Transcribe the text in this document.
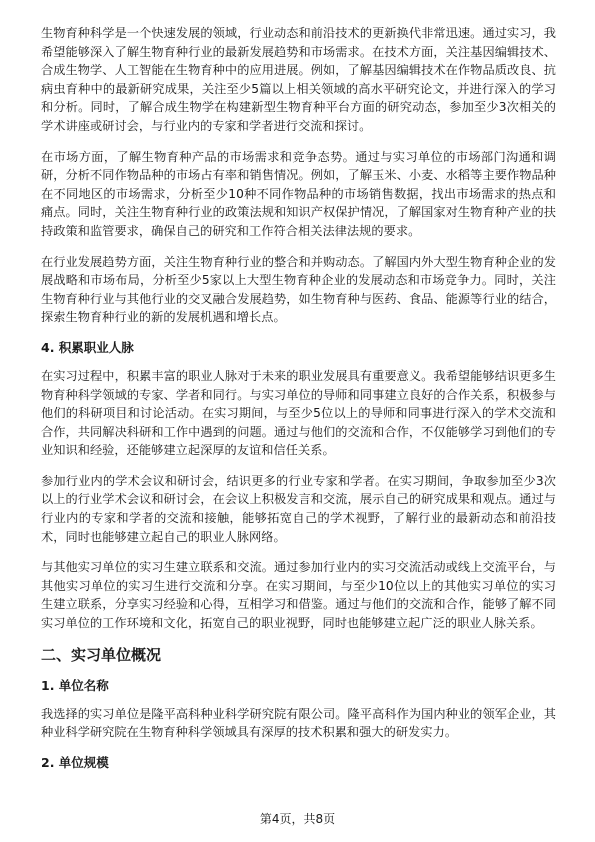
生物育种科学是一个快速发展的领域，行业动态和前沿技术的更新换代非常迅速。通过实习，我希望能够深入了解生物育种行业的最新发展趋势和市场需求。在技术方面，关注基因编辑技术、合成生物学、人工智能在生物育种中的应用进展。例如，了解基因编辑技术在作物品质改良、抗病虫育种中的最新研究成果，关注至少5篇以上相关领域的高水平研究论文，并进行深入的学习和分析。同时，了解合成生物学在构建新型生物育种平台方面的研究动态，参加至少3次相关的学术讲座或研讨会，与行业内的专家和学者进行交流和探讨。

在市场方面，了解生物育种产品的市场需求和竞争态势。通过与实习单位的市场部门沟通和调研，分析不同作物品种的市场占有率和销售情况。例如，了解玉米、小麦、水稻等主要作物品种在不同地区的市场需求，分析至少10种不同作物品种的市场销售数据，找出市场需求的热点和痛点。同时，关注生物育种行业的政策法规和知识产权保护情况，了解国家对生物育种产业的扶持政策和监管要求，确保自己的研究和工作符合相关法律法规的要求。

在行业发展趋势方面，关注生物育种行业的整合和并购动态。了解国内外大型生物育种企业的发展战略和市场布局，分析至少5家以上大型生物育种企业的发展动态和市场竞争力。同时，关注生物育种行业与其他行业的交叉融合发展趋势，如生物育种与医药、食品、能源等行业的结合，探索生物育种行业的新的发展机遇和增长点。

4. 积累职业人脉

在实习过程中，积累丰富的职业人脉对于未来的职业发展具有重要意义。我希望能够结识更多生物育种科学领域的专家、学者和同行。与实习单位的导师和同事建立良好的合作关系，积极参与他们的科研项目和讨论活动。在实习期间，与至少5位以上的导师和同事进行深入的学术交流和合作，共同解决科研和工作中遇到的问题。通过与他们的交流和合作，不仅能够学习到他们的专业知识和经验，还能够建立起深厚的友谊和信任关系。

参加行业内的学术会议和研讨会，结识更多的行业专家和学者。在实习期间，争取参加至少3次以上的行业学术会议和研讨会，在会议上积极发言和交流，展示自己的研究成果和观点。通过与行业内的专家和学者的交流和接触，能够拓宽自己的学术视野，了解行业的最新动态和前沿技术，同时也能够建立起自己的职业人脉网络。

与其他实习单位的实习生建立联系和交流。通过参加行业内的实习交流活动或线上交流平台，与其他实习单位的实习生进行交流和分享。在实习期间，与至少10位以上的其他实习单位的实习生建立联系，分享实习经验和心得，互相学习和借鉴。通过与他们的交流和合作，能够了解不同实习单位的工作环境和文化，拓宽自己的职业视野，同时也能够建立起广泛的职业人脉关系。

二、实习单位概况
1. 单位名称

我选择的实习单位是隆平高科种业科学研究院有限公司。隆平高科作为国内种业的领军企业，其种业科学研究院在生物育种科学领域具有深厚的技术积累和强大的研发实力。

2. 单位规模
第4页，共8页
